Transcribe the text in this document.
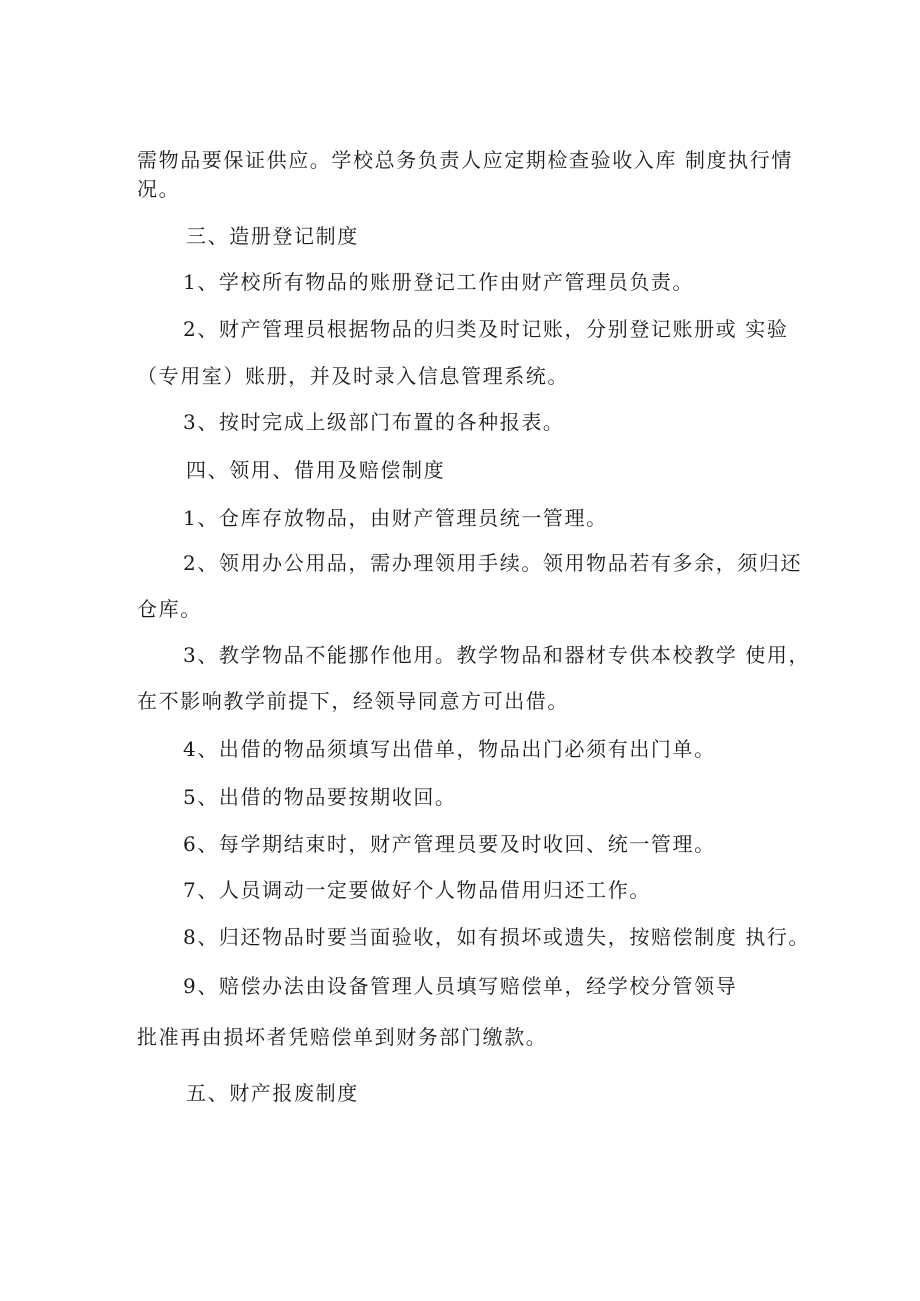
需物品要保证供应。学校总务负责人应定期检查验收入库 制度执行情
况。
三、造册登记制度
1、学校所有物品的账册登记工作由财产管理员负责。
2、财产管理员根据物品的归类及时记账，分别登记账册或 实验
（专用室）账册，并及时录入信息管理系统。
3、按时完成上级部门布置的各种报表。
四、领用、借用及赔偿制度
1、仓库存放物品，由财产管理员统一管理。
2、领用办公用品，需办理领用手续。领用物品若有多余，须归还
仓库。
3、教学物品不能挪作他用。教学物品和器材专供本校教学 使用，
在不影响教学前提下，经领导同意方可出借。
4、出借的物品须填写出借单，物品出门必须有出门单。
5、出借的物品要按期收回。
6、每学期结束时，财产管理员要及时收回、统一管理。
7、人员调动一定要做好个人物品借用归还工作。
8、归还物品时要当面验收，如有损坏或遗失，按赔偿制度 执行。
9、赔偿办法由设备管理人员填写赔偿单，经学校分管领导
批准再由损坏者凭赔偿单到财务部门缴款。
五、财产报废制度
